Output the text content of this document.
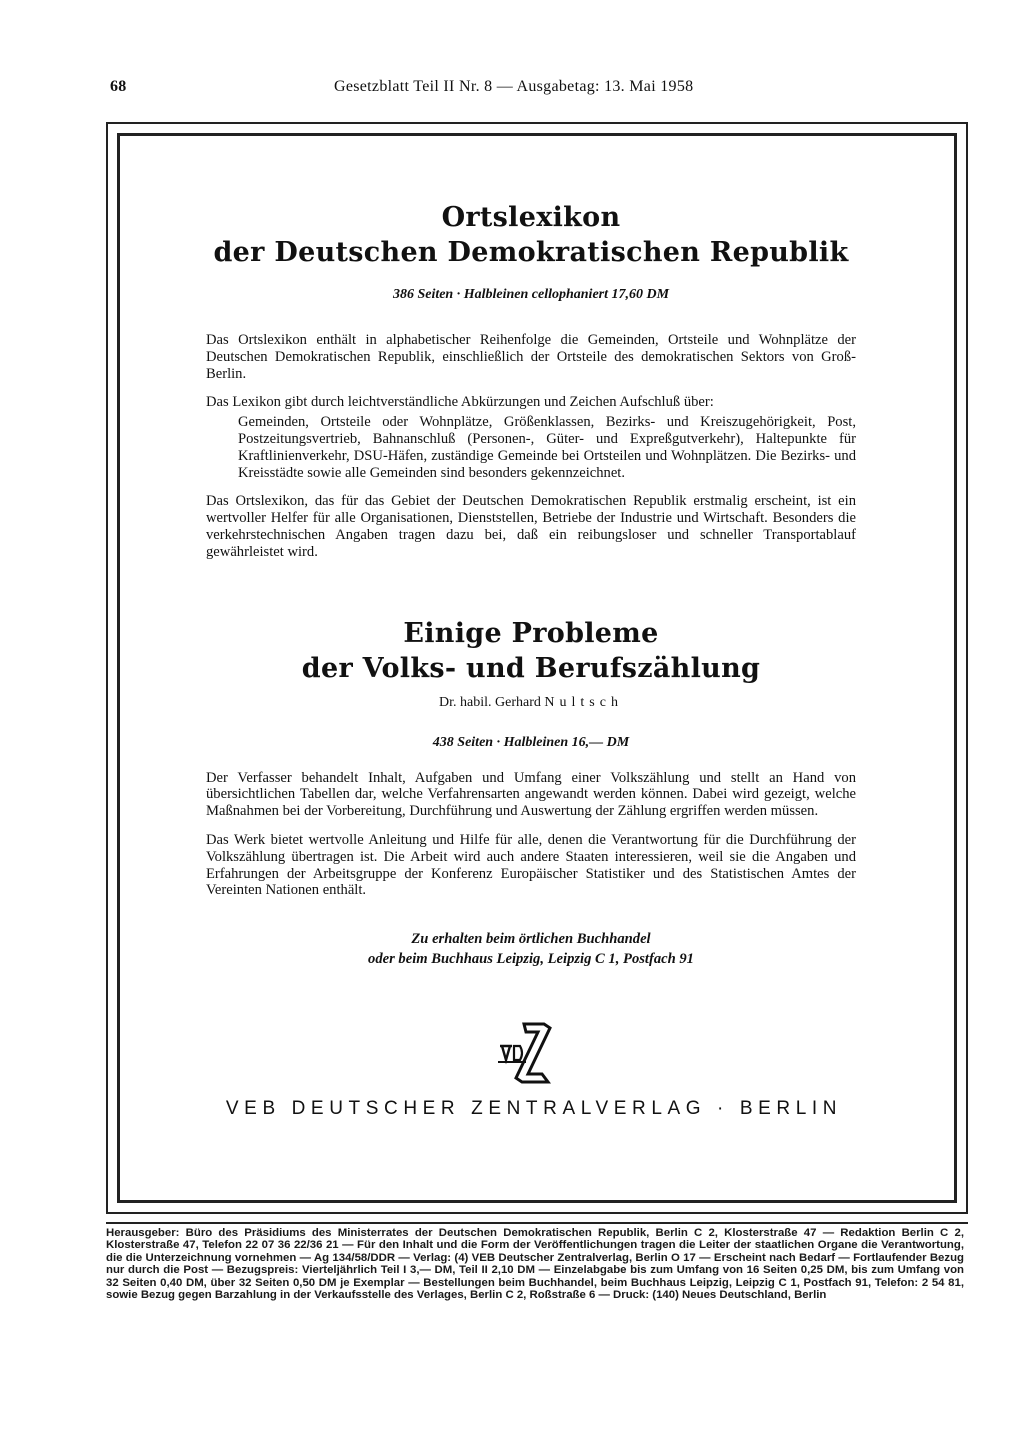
68	Gesetzblatt Teil II Nr. 8 — Ausgabetag: 13. Mai 1958
Ortslexikon
der Deutschen Demokratischen Republik
386 Seiten · Halbleinen cellophaniert 17,60 DM

Das Ortslexikon enthält in alphabetischer Reihenfolge die Gemeinden, Ortsteile und Wohnplätze der Deutschen Demokratischen Republik, einschließlich der Ortsteile des demokratischen Sektors von Groß-Berlin.

Das Lexikon gibt durch leichtverständliche Abkürzungen und Zeichen Aufschluß über:

Gemeinden, Ortsteile oder Wohnplätze, Größenklassen, Bezirks- und Kreiszugehörigkeit, Post, Postzeitungsvertrieb, Bahnanschluß (Personen-, Güter- und Expreßgutverkehr), Haltepunkte für Kraftlinienverkehr, DSU-Häfen, zuständige Gemeinde bei Ortsteilen und Wohnplätzen. Die Bezirks- und Kreisstädte sowie alle Gemeinden sind besonders gekennzeichnet.

Das Ortslexikon, das für das Gebiet der Deutschen Demokratischen Republik erstmalig erscheint, ist ein wertvoller Helfer für alle Organisationen, Dienststellen, Betriebe der Industrie und Wirtschaft. Besonders die verkehrstechnischen Angaben tragen dazu bei, daß ein reibungsloser und schneller Transportablauf gewährleistet wird.

Einige Probleme
der Volks- und Berufszählung
Dr. habil. Gerhard Nultsch
438 Seiten · Halbleinen 16,— DM

Der Verfasser behandelt Inhalt, Aufgaben und Umfang einer Volkszählung und stellt an Hand von übersichtlichen Tabellen dar, welche Verfahrensarten angewandt werden können. Dabei wird gezeigt, welche Maßnahmen bei der Vorbereitung, Durchführung und Auswertung der Zählung ergriffen werden müssen.

Das Werk bietet wertvolle Anleitung und Hilfe für alle, denen die Verantwortung für die Durchführung der Volkszählung übertragen ist. Die Arbeit wird auch andere Staaten interessieren, weil sie die Angaben und Erfahrungen der Arbeitsgruppe der Konferenz Europäischer Statistiker und des Statistischen Amtes der Vereinten Nationen enthält.

Zu erhalten beim örtlichen Buchhandel
oder beim Buchhaus Leipzig, Leipzig C 1, Postfach 91
VEB DEUTSCHER ZENTRALVERLAG · BERLIN
Herausgeber: Büro des Präsidiums des Ministerrates der Deutschen Demokratischen Republik, Berlin C 2, Klosterstraße 47 — Redaktion Berlin C 2, Klosterstraße 47, Telefon 22 07 36 22/36 21 — Für den Inhalt und die Form der Veröffentlichungen tragen die Leiter der staatlichen Organe die Verantwortung, die die Unterzeichnung vornehmen — Ag 134/58/DDR — Verlag: (4) VEB Deutscher Zentralverlag, Berlin O 17 — Erscheint nach Bedarf — Fortlaufender Bezug nur durch die Post — Bezugspreis: Vierteljährlich Teil I 3,— DM, Teil II 2,10 DM — Einzelabgabe bis zum Umfang von 16 Seiten 0,25 DM, bis zum Umfang von 32 Seiten 0,40 DM, über 32 Seiten 0,50 DM je Exemplar — Bestellungen beim Buchhandel, beim Buchhaus Leipzig, Leipzig C 1, Postfach 91, Telefon: 2 54 81, sowie Bezug gegen Barzahlung in der Verkaufsstelle des Verlages, Berlin C 2, Roßstraße 6 — Druck: (140) Neues Deutschland, Berlin
